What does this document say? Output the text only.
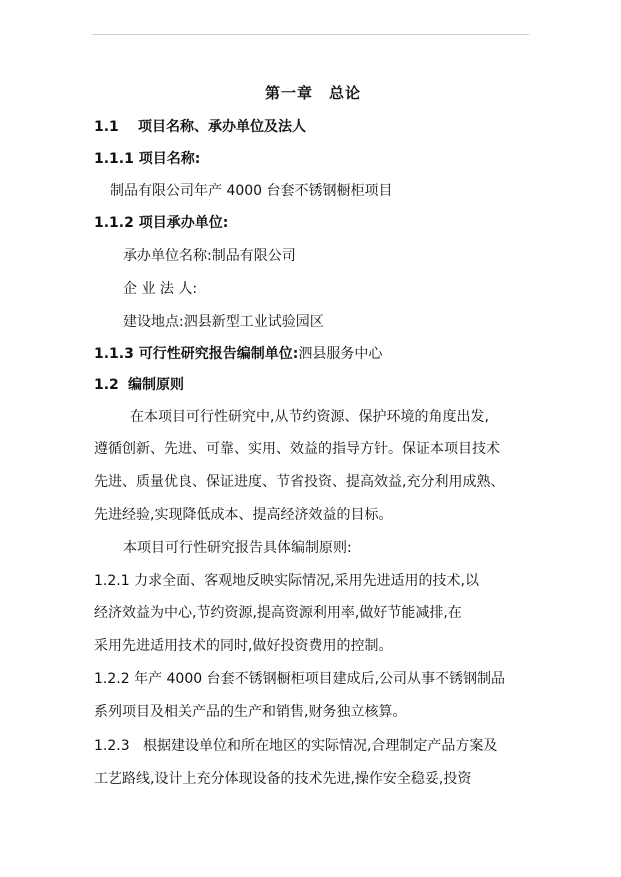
第一章 总论
1.1 项目名称、承办单位及法人
1.1.1 项目名称:
制品有限公司年产 4000 台套不锈钢橱柜项目
1.1.2 项目承办单位:
承办单位名称:制品有限公司
企 业 法 人:
建设地点:泗县新型工业试验园区
1.1.3 可行性研究报告编制单位:泗县服务中心
1.2 编制原则
在本项目可行性研究中,从节约资源、保护环境的角度出发,
遵循创新、先进、可靠、实用、效益的指导方针。保证本项目技术
先进、质量优良、保证进度、节省投资、提高效益,充分利用成熟、
先进经验,实现降低成本、提高经济效益的目标。
本项目可行性研究报告具体编制原则:
1.2.1 力求全面、客观地反映实际情况,采用先进适用的技术,以
经济效益为中心,节约资源,提高资源利用率,做好节能减排,在
采用先进适用技术的同时,做好投资费用的控制。
1.2.2 年产 4000 台套不锈钢橱柜项目建成后,公司从事不锈钢制品
系列项目及相关产品的生产和销售,财务独立核算。
1.2.3   根据建设单位和所在地区的实际情况,合理制定产品方案及
工艺路线,设计上充分体现设备的技术先进,操作安全稳妥,投资
